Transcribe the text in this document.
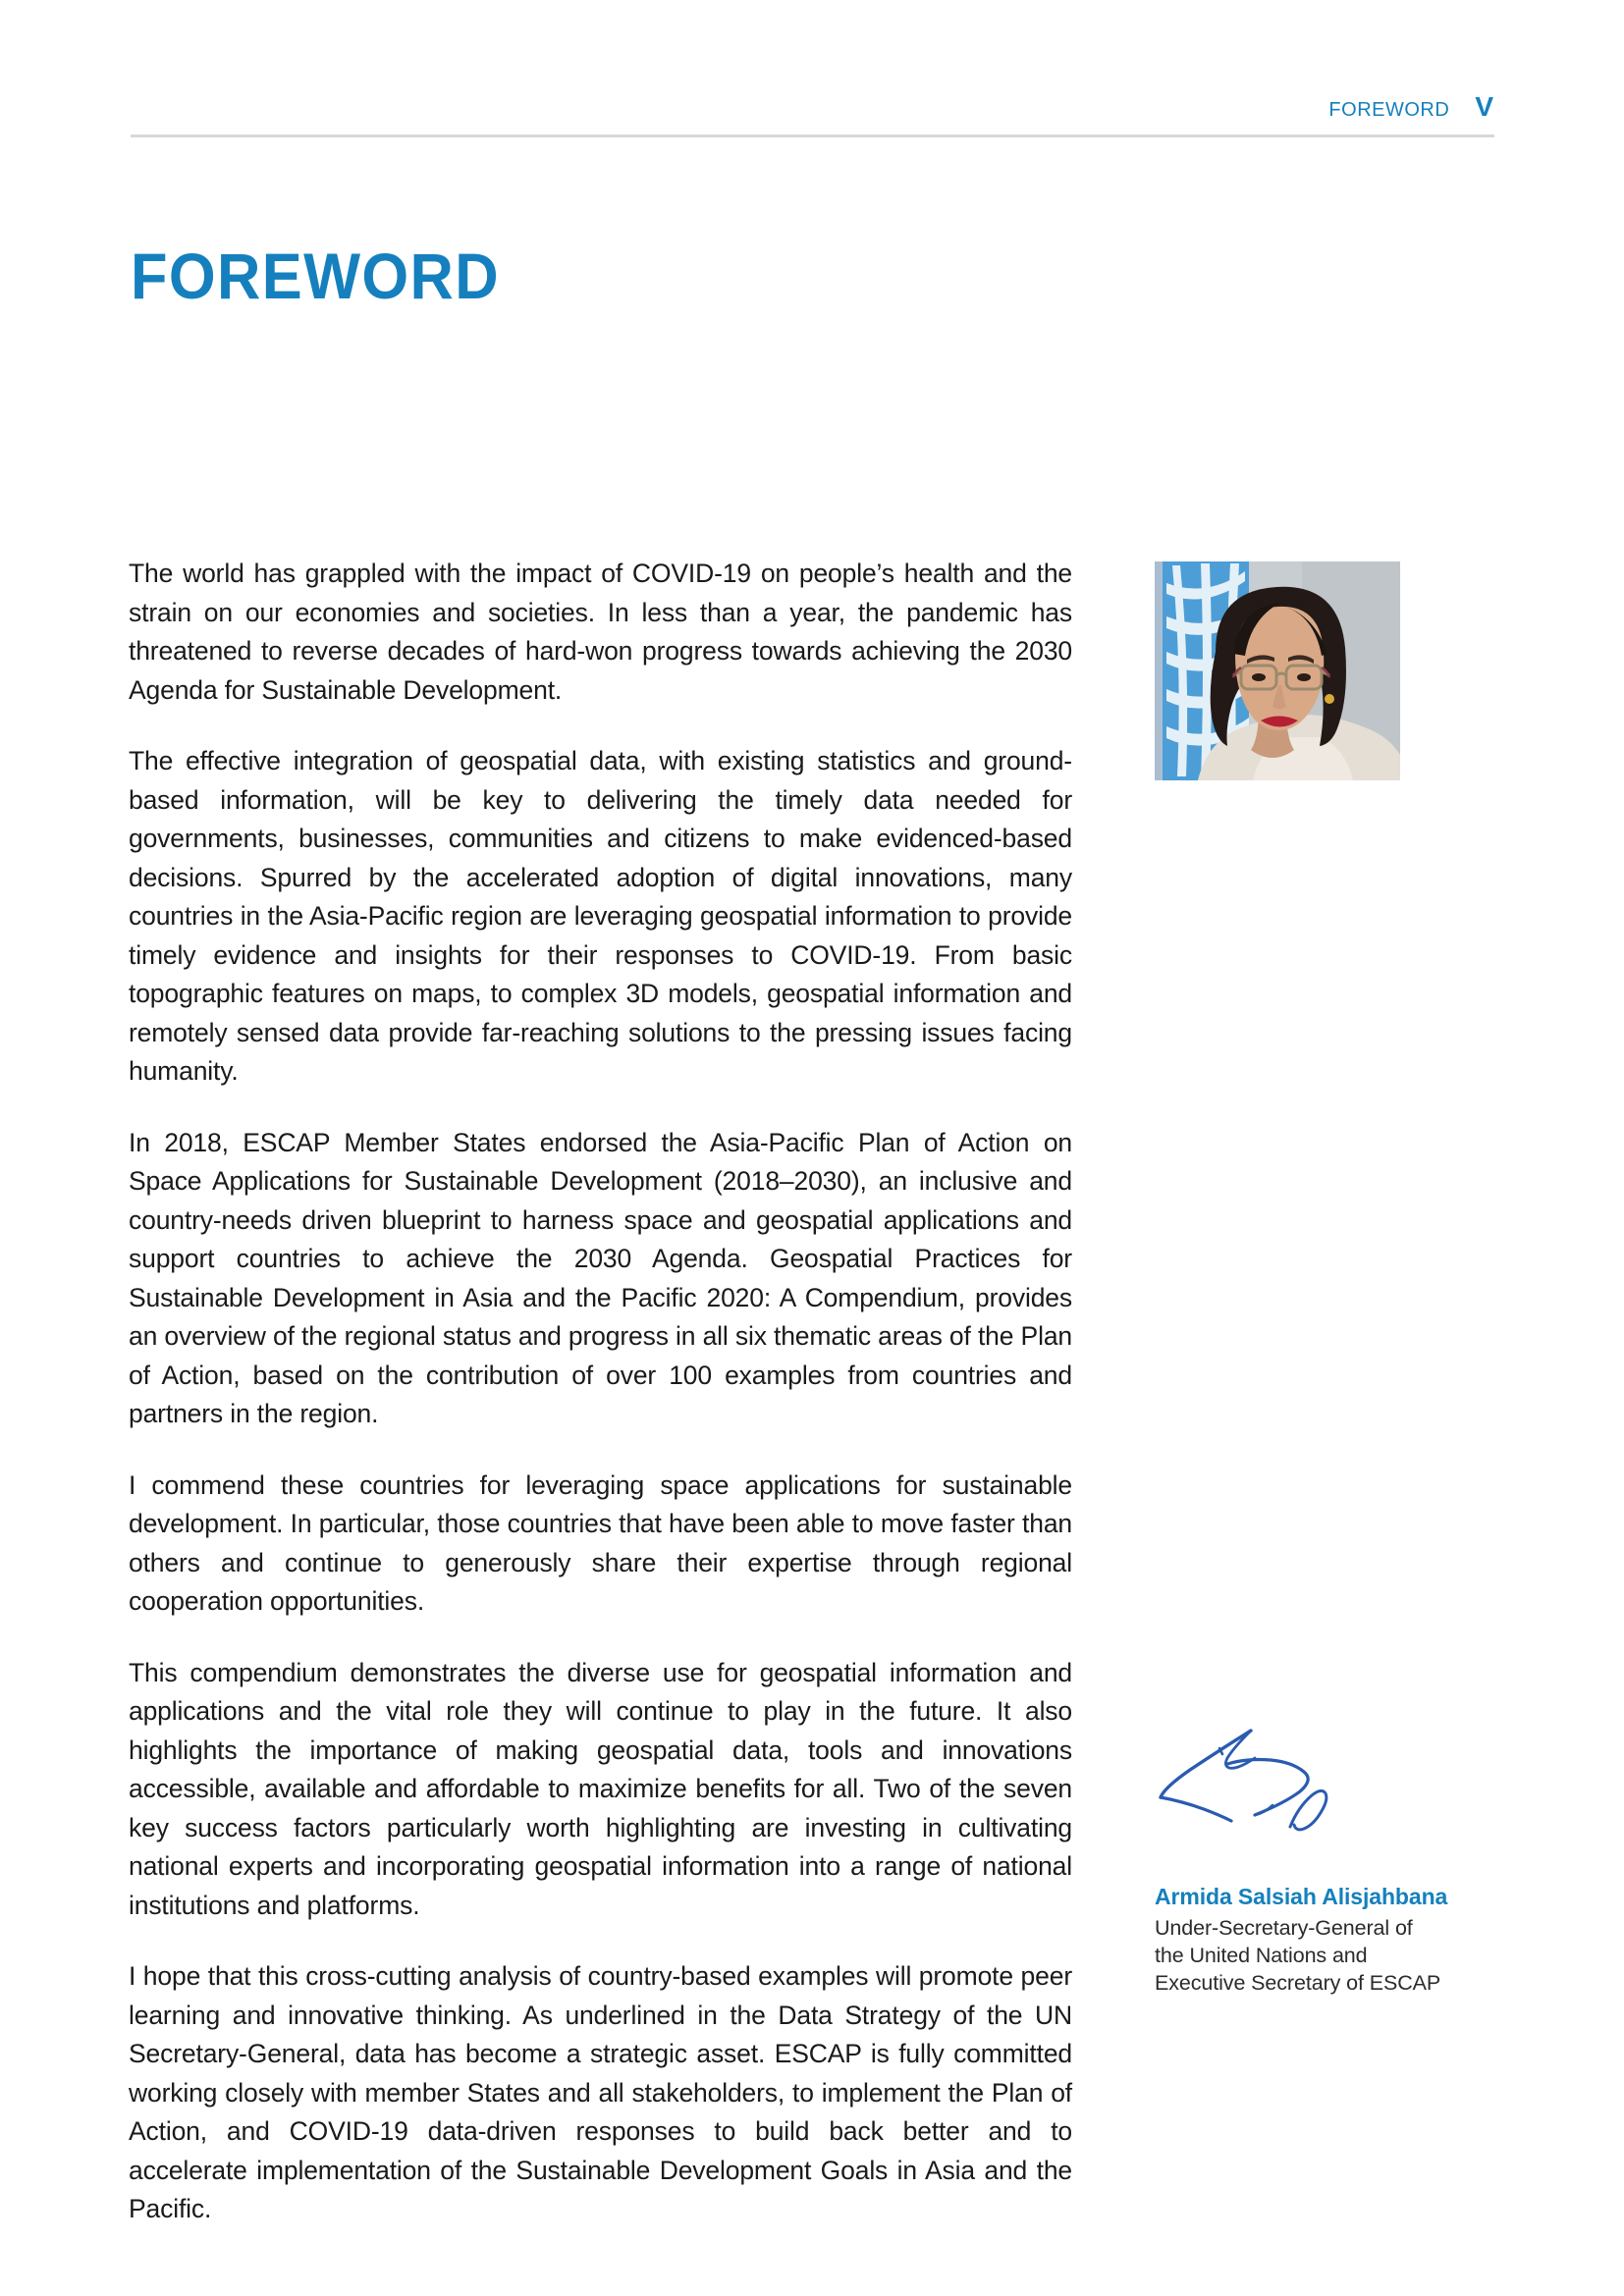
FOREWORD V
FOREWORD

The world has grappled with the impact of COVID-19 on people’s health and the strain on our economies and societies. In less than a year, the pandemic has threatened to reverse decades of hard-won progress towards achieving the 2030 Agenda for Sustainable Development.

The effective integration of geospatial data, with existing statistics and ground-based information, will be key to delivering the timely data needed for governments, businesses, communities and citizens to make evidenced-based decisions. Spurred by the accelerated adoption of digital innovations, many countries in the Asia-Pacific region are leveraging geospatial information to provide timely evidence and insights for their responses to COVID-19. From basic topographic features on maps, to complex 3D models, geospatial information and remotely sensed data provide far-reaching solutions to the pressing issues facing humanity.

In 2018, ESCAP Member States endorsed the Asia-Pacific Plan of Action on Space Applications for Sustainable Development (2018–2030), an inclusive and country-needs driven blueprint to harness space and geospatial applications and support countries to achieve the 2030 Agenda. Geospatial Practices for Sustainable Development in Asia and the Pacific 2020: A Compendium, provides an overview of the regional status and progress in all six thematic areas of the Plan of Action, based on the contribution of over 100 examples from countries and partners in the region.

I commend these countries for leveraging space applications for sustainable development. In particular, those countries that have been able to move faster than others and continue to generously share their expertise through regional cooperation opportunities.

This compendium demonstrates the diverse use for geospatial information and applications and the vital role they will continue to play in the future. It also highlights the importance of making geospatial data, tools and innovations accessible, available and affordable to maximize benefits for all. Two of the seven key success factors particularly worth highlighting are investing in cultivating national experts and incorporating geospatial information into a range of national institutions and platforms.

I hope that this cross-cutting analysis of country-based examples will promote peer learning and innovative thinking. As underlined in the Data Strategy of the UN Secretary-General, data has become a strategic asset. ESCAP is fully committed working closely with member States and all stakeholders, to implement the Plan of Action, and COVID-19 data-driven responses to build back better and to accelerate implementation of the Sustainable Development Goals in Asia and the Pacific.

Armida Salsiah Alisjahbana
Under-Secretary-General of
the United Nations and
Executive Secretary of ESCAP
